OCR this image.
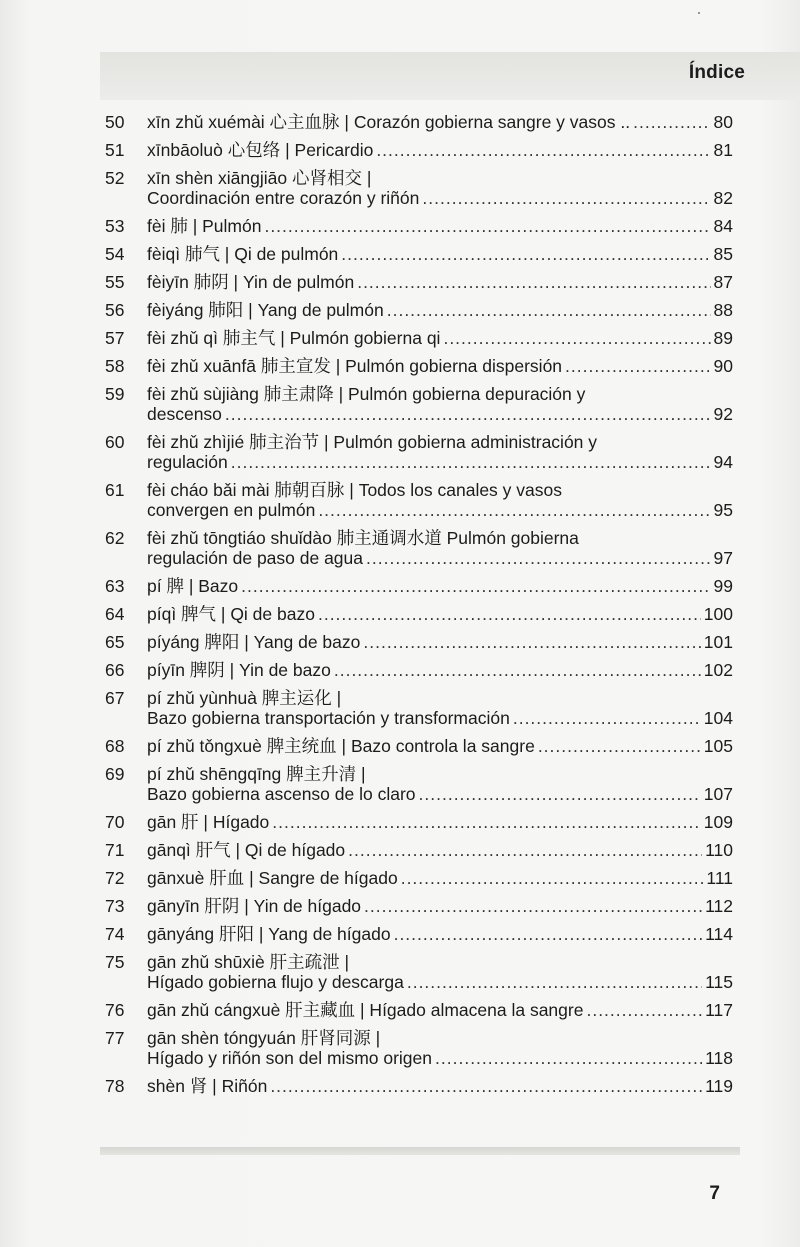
Índice
50	xīn zhǔ xuémài 心主血脉 | Corazón gobierna sangre y vasos .. .....	80
51	xīnbāoluò 心包络 | Pericardio .....	81
52	xīn shèn xiāngjiāo 心肾相交 |
Coordinación entre corazón y riñón .....	82
53	fèi 肺 | Pulmón .....	84
54	fèiqì 肺气 | Qi de pulmón .....	85
55	fèiyīn 肺阴 | Yin de pulmón .....	87
56	fèiyáng 肺阳 | Yang de pulmón .....	88
57	fèi zhǔ qì 肺主气 | Pulmón gobierna qi .....	89
58	fèi zhǔ xuānfā 肺主宣发 | Pulmón gobierna dispersión .....	90
59	fèi zhǔ sùjiàng 肺主肃降 | Pulmón gobierna depuración y
descenso .....	92
60	fèi zhǔ zhìjié 肺主治节 | Pulmón gobierna administración y
regulación .....	94
61	fèi cháo bǎi mài 肺朝百脉 | Todos los canales y vasos
convergen en pulmón .....	95
62	fèi zhǔ tōngtiáo shuǐdào 肺主通调水道 Pulmón gobierna
regulación de paso de agua .....	97
63	pí 脾 | Bazo .....	99
64	píqì 脾气 | Qi de bazo .....	100
65	píyáng 脾阳 | Yang de bazo .....	101
66	píyīn 脾阴 | Yin de bazo .....	102
67	pí zhǔ yùnhuà 脾主运化 |
Bazo gobierna transportación y transformación .....	104
68	pí zhǔ tǒngxuè 脾主统血 | Bazo controla la sangre .....	105
69	pí zhǔ shēngqīng 脾主升清 |
Bazo gobierna ascenso de lo claro .....	107
70	gān 肝 | Hígado .....	109
71	gānqì 肝气 | Qi de hígado .....	110
72	gānxuè 肝血 | Sangre de hígado .....	111
73	gānyīn 肝阴 | Yin de hígado .....	112
74	gānyáng 肝阳 | Yang de hígado .....	114
75	gān zhǔ shūxiè 肝主疏泄 |
Hígado gobierna flujo y descarga .....	115
76	gān zhǔ cángxuè 肝主藏血 | Hígado almacena la sangre .....	117
77	gān shèn tóngyuán 肝肾同源 |
Hígado y riñón son del mismo origen .....	118
78	shèn 肾 | Riñón .....	119
7
